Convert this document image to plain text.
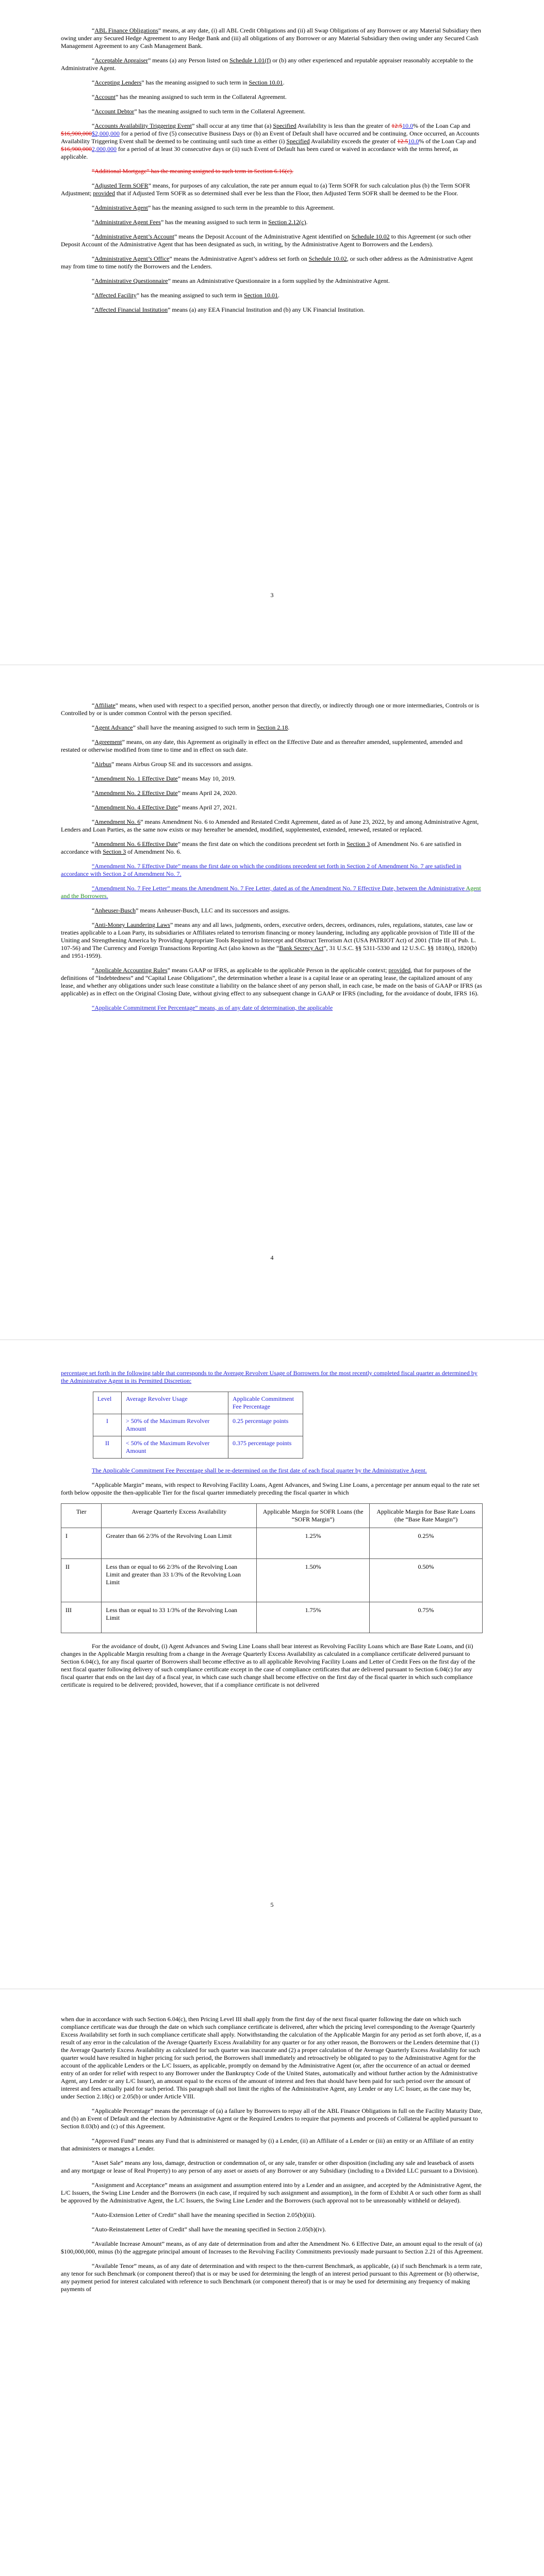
“ABL Finance Obligations” means, at any date, (i) all ABL Credit Obligations and (ii) all Swap Obligations of any Borrower or any Material Subsidiary then owing under any Secured Hedge Agreement to any Hedge Bank and (iii) all obligations of any Borrower or any Material Subsidiary then owing under any Secured Cash Management Agreement to any Cash Management Bank.

“Acceptable Appraiser” means (a) any Person listed on Schedule 1.01(f) or (b) any other experienced and reputable appraiser reasonably acceptable to the Administrative Agent.

“Accepting Lenders” has the meaning assigned to such term in Section 10.01.

“Account” has the meaning assigned to such term in the Collateral Agreement.

“Account Debtor” has the meaning assigned to such term in the Collateral Agreement.

“Accounts Availability Triggering Event” shall occur at any time that (a) Specified Availability is less than the greater of 12.510.0% of the Loan Cap and $16,900,000$2,000,000 for a period of five (5) consecutive Business Days or (b) an Event of Default shall have occurred and be continuing. Once occurred, an Accounts Availability Triggering Event shall be deemed to be continuing until such time as either (i) Specified Availability exceeds the greater of 12.510.0% of the Loan Cap and $16,900,0002,000,000 for a period of at least 30 consecutive days or (ii) such Event of Default has been cured or waived in accordance with the terms hereof, as applicable.

“Additional Mortgage” has the meaning assigned to such term in Section 6.16(c).

“Adjusted Term SOFR” means, for purposes of any calculation, the rate per annum equal to (a) Term SOFR for such calculation plus (b) the Term SOFR Adjustment; provided that if Adjusted Term SOFR as so determined shall ever be less than the Floor, then Adjusted Term SOFR shall be deemed to be the Floor.

“Administrative Agent” has the meaning assigned to such term in the preamble to this Agreement.

“Administrative Agent Fees” has the meaning assigned to such term in Section 2.12(c).

“Administrative Agent’s Account” means the Deposit Account of the Administrative Agent identified on Schedule 10.02 to this Agreement (or such other Deposit Account of the Administrative Agent that has been designated as such, in writing, by the Administrative Agent to Borrowers and the Lenders).

“Administrative Agent’s Office” means the Administrative Agent’s address set forth on Schedule 10.02, or such other address as the Administrative Agent may from time to time notify the Borrowers and the Lenders.

“Administrative Questionnaire” means an Administrative Questionnaire in a form supplied by the Administrative Agent.

“Affected Facility” has the meaning assigned to such term in Section 10.01.

“Affected Financial Institution” means (a) any EEA Financial Institution and (b) any UK Financial Institution.

3

“Affiliate” means, when used with respect to a specified person, another person that directly, or indirectly through one or more intermediaries, Controls or is Controlled by or is under common Control with the person specified.

“Agent Advance” shall have the meaning assigned to such term in Section 2.18.

“Agreement” means, on any date, this Agreement as originally in effect on the Effective Date and as thereafter amended, supplemented, amended and restated or otherwise modified from time to time and in effect on such date.

“Airbus” means Airbus Group SE and its successors and assigns.

“Amendment No. 1 Effective Date” means May 10, 2019.

“Amendment No. 2 Effective Date” means April 24, 2020.

“Amendment No. 4 Effective Date” means April 27, 2021.

“Amendment No. 6” means Amendment No. 6 to Amended and Restated Credit Agreement, dated as of June 23, 2022, by and among Administrative Agent, Lenders and Loan Parties, as the same now exists or may hereafter be amended, modified, supplemented, extended, renewed, restated or replaced.

“Amendment No. 6 Effective Date” means the first date on which the conditions precedent set forth in Section 3 of Amendment No. 6 are satisfied in accordance with Section 3 of Amendment No. 6.

“Amendment No. 7 Effective Date” means the first date on which the conditions precedent set forth in Section 2 of Amendment No. 7 are satisfied in accordance with Section 2 of Amendment No. 7.

“Amendment No. 7 Fee Letter” means the Amendment No. 7 Fee Letter, dated as of the Amendment No. 7 Effective Date, between the Administrative Agent and the Borrowers.

“Anheuser-Busch” means Anheuser-Busch, LLC and its successors and assigns.

“Anti-Money Laundering Laws” means any and all laws, judgments, orders, executive orders, decrees, ordinances, rules, regulations, statutes, case law or treaties applicable to a Loan Party, its subsidiaries or Affiliates related to terrorism financing or money laundering, including any applicable provision of Title III of the Uniting and Strengthening America by Providing Appropriate Tools Required to Intercept and Obstruct Terrorism Act (USA PATRIOT Act) of 2001 (Title III of Pub. L. 107-56) and The Currency and Foreign Transactions Reporting Act (also known as the “Bank Secrecy Act”, 31 U.S.C. §§ 5311-5330 and 12 U.S.C. §§ 1818(s), 1820(b) and 1951-1959).

“Applicable Accounting Rules” means GAAP or IFRS, as applicable to the applicable Person in the applicable context; provided, that for purposes of the definitions of “Indebtedness” and “Capital Lease Obligations”, the determination whether a lease is a capital lease or an operating lease, the capitalized amount of any lease, and whether any obligations under such lease constitute a liability on the balance sheet of any person shall, in each case, be made on the basis of GAAP or IFRS (as applicable) as in effect on the Original Closing Date, without giving effect to any subsequent change in GAAP or IFRS (including, for the avoidance of doubt, IFRS 16).

“Applicable Commitment Fee Percentage” means, as of any date of determination, the applicable

4

percentage set forth in the following table that corresponds to the Average Revolver Usage of Borrowers for the most recently completed fiscal quarter as determined by the Administrative Agent in its Permitted Discretion:

Level	Average Revolver Usage	Applicable Commitment Fee Percentage
I	> 50% of the Maximum Revolver Amount	0.25 percentage points
II	< 50% of the Maximum Revolver Amount	0.375 percentage points

The Applicable Commitment Fee Percentage shall be re-determined on the first date of each fiscal quarter by the Administrative Agent.

“Applicable Margin” means, with respect to Revolving Facility Loans, Agent Advances, and Swing Line Loans, a percentage per annum equal to the rate set forth below opposite the then-applicable Tier for the fiscal quarter immediately preceding the fiscal quarter in which

Tier	Average Quarterly Excess Availability	Applicable Margin for SOFR Loans (the “SOFR Margin”)	Applicable Margin for Base Rate Loans (the “Base Rate Margin”)
I	Greater than 66 2/3% of the Revolving Loan Limit	1.25%	0.25%
II	Less than or equal to 66 2/3% of the Revolving Loan Limit and greater than 33 1/3% of the Revolving Loan Limit	1.50%	0.50%
III	Less than or equal to 33 1/3% of the Revolving Loan Limit	1.75%	0.75%

For the avoidance of doubt, (i) Agent Advances and Swing Line Loans shall bear interest as Revolving Facility Loans which are Base Rate Loans, and (ii) changes in the Applicable Margin resulting from a change in the Average Quarterly Excess Availability as calculated in a compliance certificate delivered pursuant to Section 6.04(c), for any fiscal quarter of Borrowers shall become effective as to all applicable Revolving Facility Loans and Letter of Credit Fees on the first day of the next fiscal quarter following delivery of such compliance certificate except in the case of compliance certificates that are delivered pursuant to Section 6.04(c) for any fiscal quarter that ends on the last day of a fiscal year, in which case such change shall become effective on the first day of the fiscal quarter in which such compliance certificate is required to be delivered; provided, however, that if a compliance certificate is not delivered

5

when due in accordance with such Section 6.04(c), then Pricing Level III shall apply from the first day of the next fiscal quarter following the date on which such compliance certificate was due through the date on which such compliance certificate is delivered, after which the pricing level corresponding to the Average Quarterly Excess Availability set forth in such compliance certificate shall apply. Notwithstanding the calculation of the Applicable Margin for any period as set forth above, if, as a result of any error in the calculation of the Average Quarterly Excess Availability for any quarter or for any other reason, the Borrowers or the Lenders determine that (1) the Average Quarterly Excess Availability as calculated for such quarter was inaccurate and (2) a proper calculation of the Average Quarterly Excess Availability for such quarter would have resulted in higher pricing for such period, the Borrowers shall immediately and retroactively be obligated to pay to the Administrative Agent for the account of the applicable Lenders or the L/C Issuers, as applicable, promptly on demand by the Administrative Agent (or, after the occurrence of an actual or deemed entry of an order for relief with respect to any Borrower under the Bankruptcy Code of the United States, automatically and without further action by the Administrative Agent, any Lender or any L/C Issuer), an amount equal to the excess of the amount of interest and fees that should have been paid for such period over the amount of interest and fees actually paid for such period. This paragraph shall not limit the rights of the Administrative Agent, any Lender or any L/C Issuer, as the case may be, under Section 2.18(c) or 2.05(b) or under Article VIII.

“Applicable Percentage” means the percentage of (a) a failure by Borrowers to repay all of the ABL Finance Obligations in full on the Facility Maturity Date, and (b) an Event of Default and the election by Administrative Agent or the Required Lenders to require that payments and proceeds of Collateral be applied pursuant to Section 8.03(b) and (c) of this Agreement.

“Approved Fund” means any Fund that is administered or managed by (i) a Lender, (ii) an Affiliate of a Lender or (iii) an entity or an Affiliate of an entity that administers or manages a Lender.

“Asset Sale” means any loss, damage, destruction or condemnation of, or any sale, transfer or other disposition (including any sale and leaseback of assets and any mortgage or lease of Real Property) to any person of any asset or assets of any Borrower or any Subsidiary (including to a Divided LLC pursuant to a Division).

“Assignment and Acceptance” means an assignment and assumption entered into by a Lender and an assignee, and accepted by the Administrative Agent, the L/C Issuers, the Swing Line Lender and the Borrowers (in each case, if required by such assignment and assumption), in the form of Exhibit A or such other form as shall be approved by the Administrative Agent, the L/C Issuers, the Swing Line Lender and the Borrowers (such approval not to be unreasonably withheld or delayed).

“Auto-Extension Letter of Credit” shall have the meaning specified in Section 2.05(b)(iii).

“Auto-Reinstatement Letter of Credit” shall have the meaning specified in Section 2.05(b)(iv).

“Available Increase Amount” means, as of any date of determination from and after the Amendment No. 6 Effective Date, an amount equal to the result of (a) $100,000,000, minus (b) the aggregate principal amount of Increases to the Revolving Facility Commitments previously made pursuant to Section 2.21 of this Agreement.

“Available Tenor” means, as of any date of determination and with respect to the then-current Benchmark, as applicable, (a) if such Benchmark is a term rate, any tenor for such Benchmark (or component thereof) that is or may be used for determining the length of an interest period pursuant to this Agreement or (b) otherwise, any payment period for interest calculated with reference to such Benchmark (or component thereof) that is or may be used for determining any frequency of making payments of
